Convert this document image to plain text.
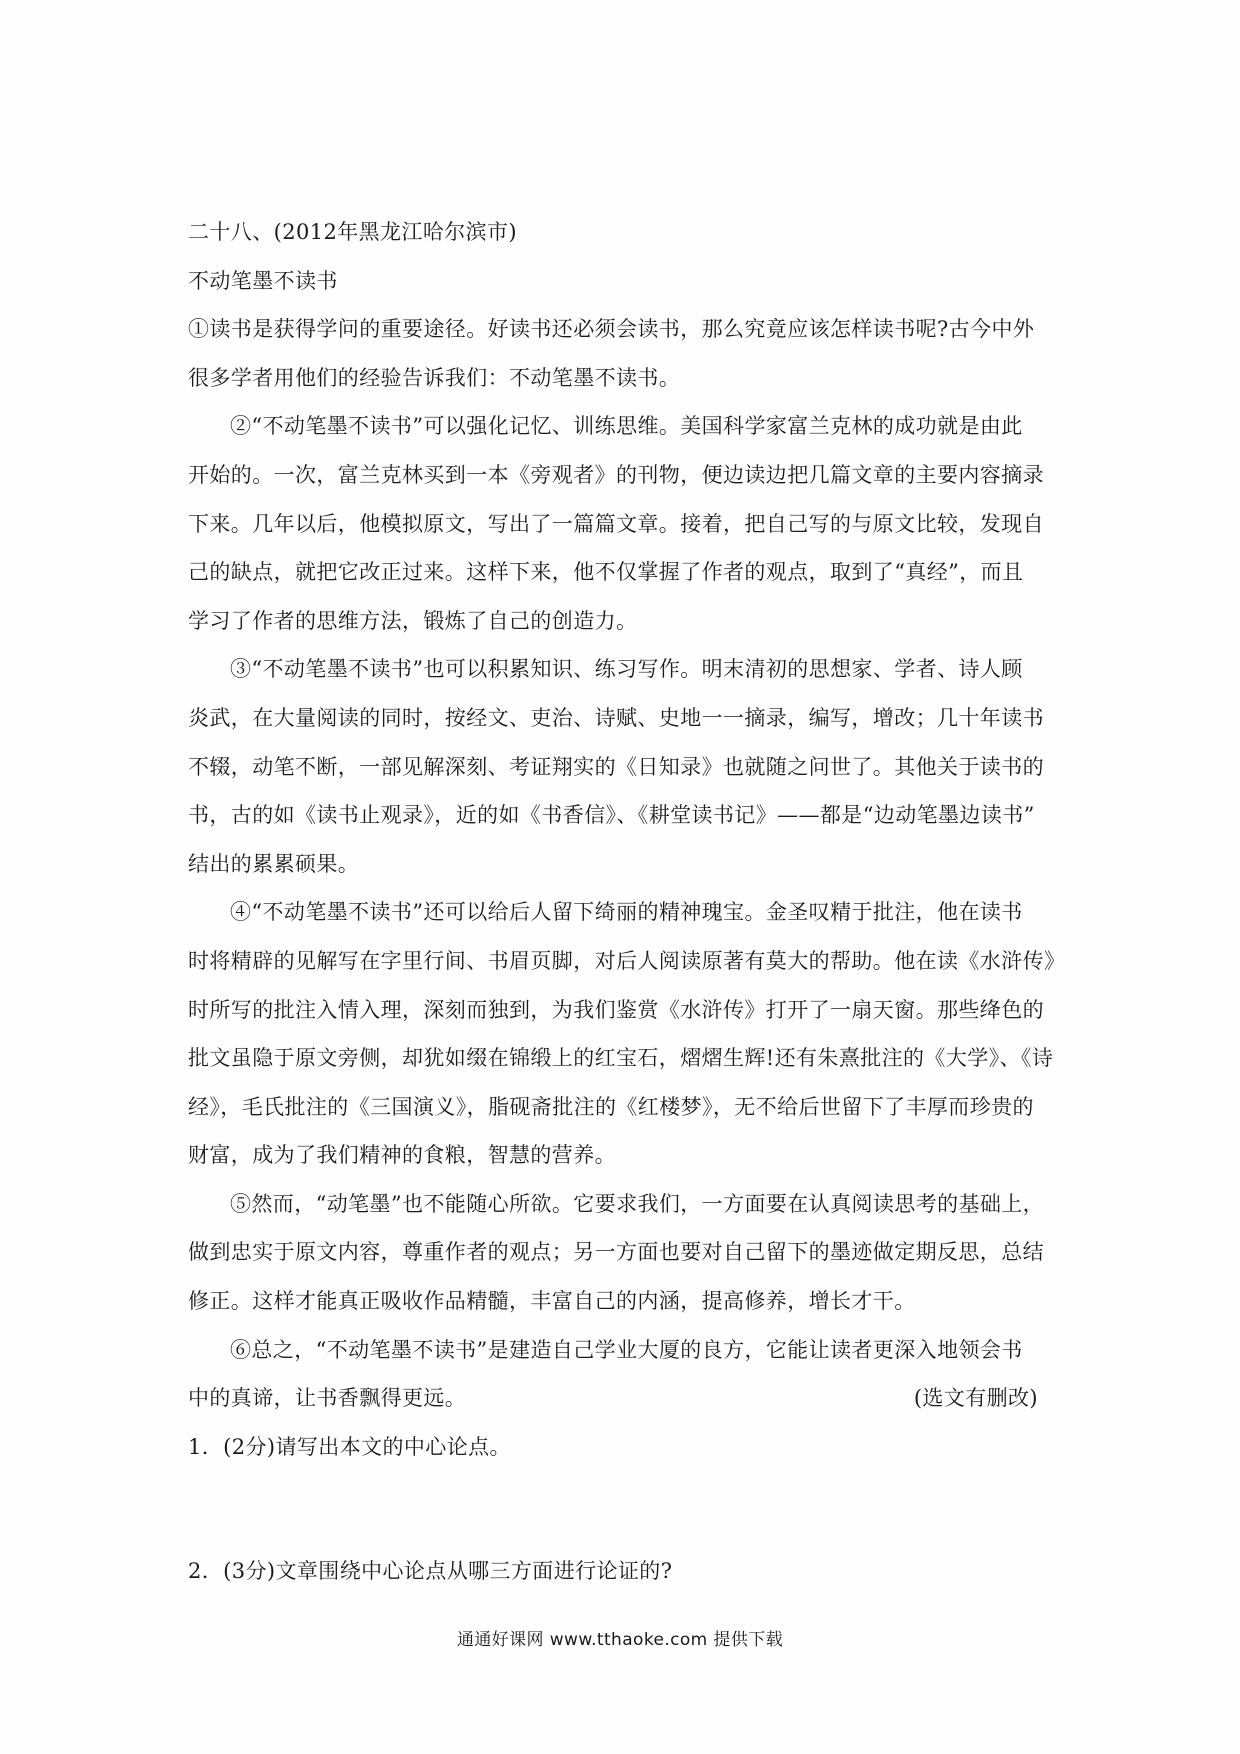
二十八、(2012年黑龙江哈尔滨市)
不动笔墨不读书
①读书是获得学问的重要途径。好读书还必须会读书，那么究竟应该怎样读书呢?古今中外
很多学者用他们的经验告诉我们：不动笔墨不读书。
②“不动笔墨不读书”可以强化记忆、训练思维。美国科学家富兰克林的成功就是由此
开始的。一次，富兰克林买到一本《旁观者》的刊物，便边读边把几篇文章的主要内容摘录
下来。几年以后，他模拟原文，写出了一篇篇文章。接着，把自己写的与原文比较，发现自
己的缺点，就把它改正过来。这样下来，他不仅掌握了作者的观点，取到了“真经”，而且
学习了作者的思维方法，锻炼了自己的创造力。
③“不动笔墨不读书”也可以积累知识、练习写作。明末清初的思想家、学者、诗人顾
炎武，在大量阅读的同时，按经文、吏治、诗赋、史地一一摘录，编写，增改；几十年读书
不辍，动笔不断，一部见解深刻、考证翔实的《日知录》也就随之问世了。其他关于读书的
书，古的如《读书止观录》，近的如《书香信》、《耕堂读书记》——都是“边动笔墨边读书”
结出的累累硕果。
④“不动笔墨不读书”还可以给后人留下绮丽的精神瑰宝。金圣叹精于批注，他在读书
时将精辟的见解写在字里行间、书眉页脚，对后人阅读原著有莫大的帮助。他在读《水浒传》
时所写的批注入情入理，深刻而独到，为我们鉴赏《水浒传》打开了一扇天窗。那些绛色的
批文虽隐于原文旁侧，却犹如缀在锦缎上的红宝石，熠熠生辉!还有朱熹批注的《大学》、《诗
经》，毛氏批注的《三国演义》，脂砚斋批注的《红楼梦》，无不给后世留下了丰厚而珍贵的
财富，成为了我们精神的食粮，智慧的营养。
⑤然而，“动笔墨”也不能随心所欲。它要求我们，一方面要在认真阅读思考的基础上，
做到忠实于原文内容，尊重作者的观点；另一方面也要对自己留下的墨迹做定期反思，总结
修正。这样才能真正吸收作品精髓，丰富自己的内涵，提高修养，增长才干。
⑥总之，“不动笔墨不读书”是建造自己学业大厦的良方，它能让读者更深入地领会书
中的真谛，让书香飘得更远。	(选文有删改)
1．(2分)请写出本文的中心论点。
2．(3分)文章围绕中心论点从哪三方面进行论证的?
通通好课网 www.tthaoke.com 提供下载
